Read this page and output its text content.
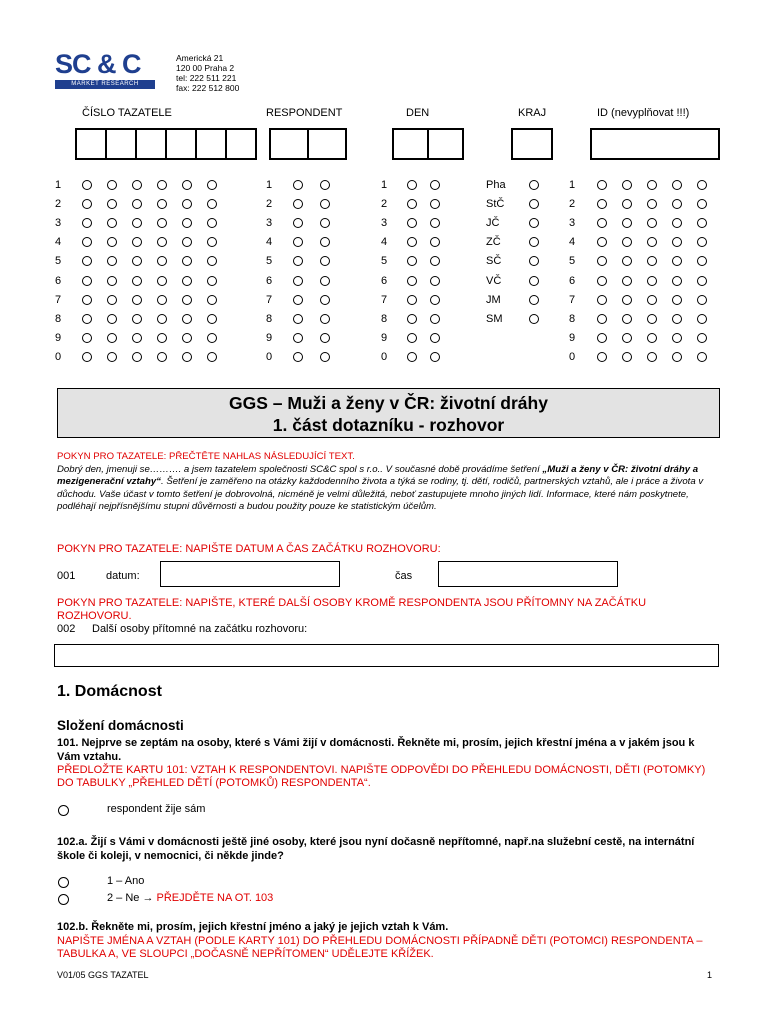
SC & C
MARKET RESEARCH
Americká 21
120 00 Praha 2
tel: 222 511 221
fax: 222 512 800
ČÍSLO TAZATELE	RESPONDENT	DEN	KRAJ	ID (nevyplňovat !!!)
1
2
3
4
5
6
7
8
9
0
1
2
3
4
5
6
7
8
9
0
1
2
3
4
5
6
7
8
9
0
Pha
StČ
JČ
ZČ
SČ
VČ
JM
SM
1
2
3
4
5
6
7
8
9
0
GGS – Muži a ženy v ČR: životní dráhy
1. část dotazníku - rozhovor
POKYN PRO TAZATELE: PŘEČTĚTE NAHLAS NÁSLEDUJÍCÍ TEXT.
Dobrý den, jmenuji se………. a jsem tazatelem společnosti SC&C spol s r.o.. V současné době provádíme šetření „Muži a ženy v ČR: životní dráhy a mezigenerační vztahy“. Šetření je zaměřeno na otázky každodenního života a týká se rodiny, tj. dětí, rodičů, partnerských vztahů, ale i práce a života v důchodu. Vaše účast v tomto šetření je dobrovolná, nicméně je velmi důležitá, neboť zastupujete mnoho jiných lidí. Informace, které nám poskytnete, podléhají nejpřísnějšímu stupni důvěrnosti a budou použity pouze ke statistickým účelům.
POKYN PRO TAZATELE: NAPIŠTE DATUM A ČAS ZAČÁTKU ROZHOVORU:
001	datum:	čas
POKYN PRO TAZATELE: NAPIŠTE, KTERÉ DALŠÍ OSOBY KROMĚ RESPONDENTA JSOU PŘÍTOMNY NA ZAČÁTKU ROZHOVORU.
002 Další osoby přítomné na začátku rozhovoru:
1. Domácnost
Složení domácnosti
101. Nejprve se zeptám na osoby, které s Vámi žijí v domácnosti. Řekněte mi, prosím, jejich křestní jména a v jakém jsou k Vám vztahu.
PŘEDLOŽTE KARTU 101: VZTAH K RESPONDENTOVI. NAPIŠTE ODPOVĚDI DO PŘEHLEDU DOMÁCNOSTI, DĚTI (POTOMKY) DO TABULKY „PŘEHLED DĚTÍ (POTOMKŮ) RESPONDENTA“.
respondent žije sám
102.a. Žijí s Vámi v domácnosti ještě jiné osoby, které jsou nyní dočasně nepřítomné, např.na služební cestě, na internátní škole či koleji, v nemocnici, či někde jinde?
1 – Ano
2 – Ne → PŘEJDĚTE NA OT. 103
102.b. Řekněte mi, prosím, jejich křestní jméno a jaký je jejich vztah k Vám.
NAPIŠTE JMÉNA A VZTAH (PODLE KARTY 101) DO PŘEHLEDU DOMÁCNOSTI PŘÍPADNĚ DĚTI (POTOMCI) RESPONDENTA – TABULKA A, VE SLOUPCI „DOČASNĚ NEPŘÍTOMEN“ UDĚLEJTE KŘÍŽEK.
V01/05 GGS TAZATEL	1
